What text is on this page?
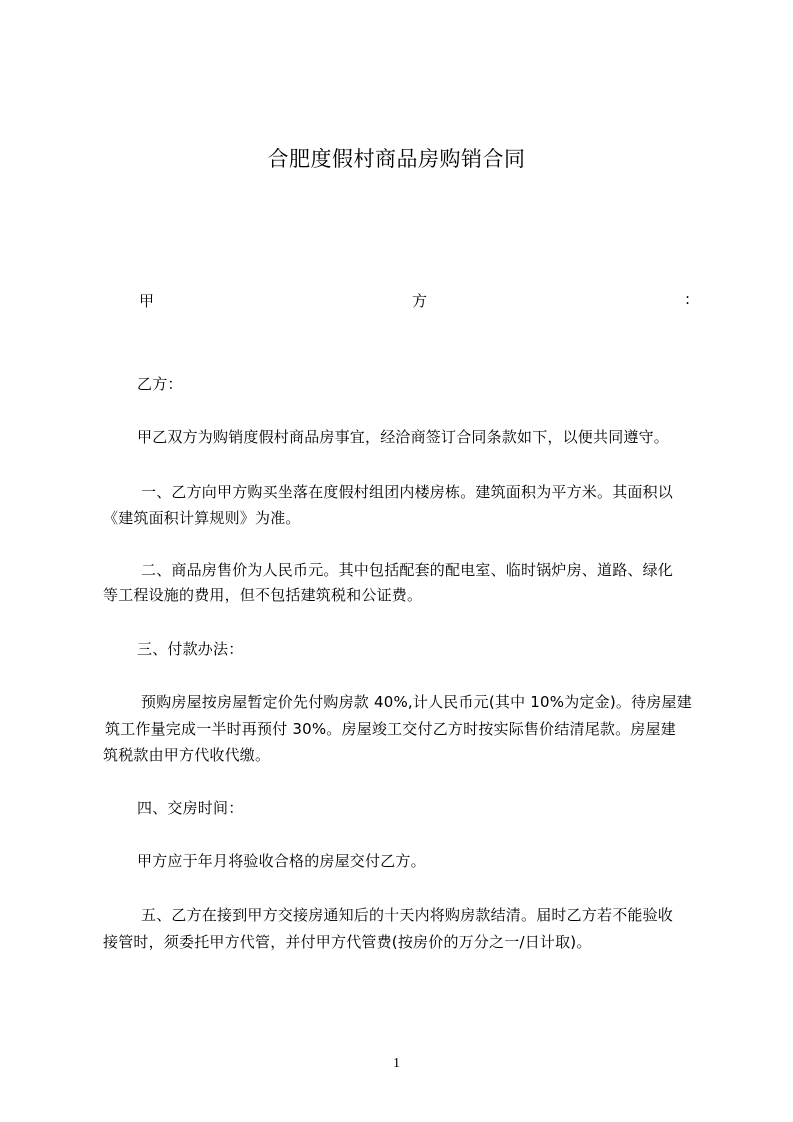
合肥度假村商品房购销合同
甲	方	:
乙方：
甲乙双方为购销度假村商品房事宜，经洽商签订合同条款如下，以便共同遵守。
一、乙方向甲方购买坐落在度假村组团内楼房栋。建筑面积为平方米。其面积以
《建筑面积计算规则》为准。
二、商品房售价为人民币元。其中包括配套的配电室、临时锅炉房、道路、绿化
等工程设施的费用，但不包括建筑税和公证费。
三、付款办法：
预购房屋按房屋暂定价先付购房款 40%,计人民币元(其中 10%为定金)。待房屋建
筑工作量完成一半时再预付 30%。房屋竣工交付乙方时按实际售价结清尾款。房屋建
筑税款由甲方代收代缴。
四、交房时间：
甲方应于年月将验收合格的房屋交付乙方。
五、乙方在接到甲方交接房通知后的十天内将购房款结清。届时乙方若不能验收
接管时，须委托甲方代管，并付甲方代管费(按房价的万分之一/日计取)。
1
